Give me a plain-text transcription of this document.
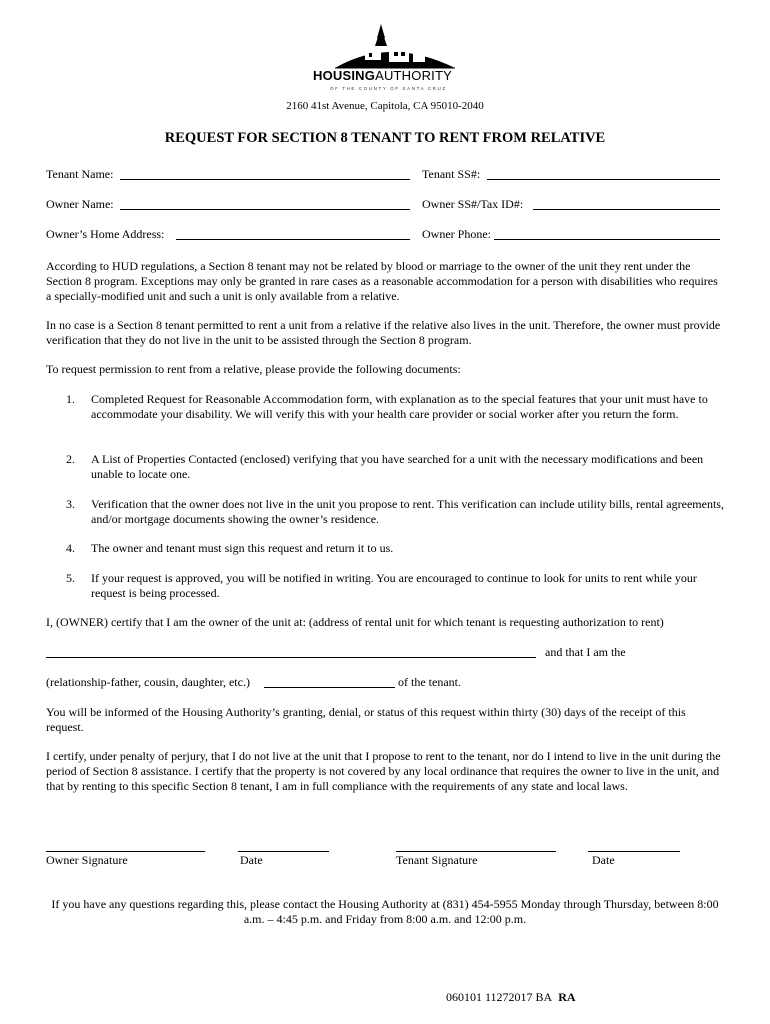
HOUSINGAUTHORITY
OF THE COUNTY OF SANTA CRUZ
2160 41st Avenue, Capitola, CA 95010-2040
REQUEST FOR SECTION 8 TENANT TO RENT FROM RELATIVE
Tenant Name:	Tenant SS#:
Owner Name:	Owner SS#/Tax ID#:
Owner’s Home Address:	Owner Phone:
According to HUD regulations, a Section 8 tenant may not be related by blood or marriage to the owner of the unit they rent under the Section 8 program. Exceptions may only be granted in rare cases as a reasonable accommodation for a person with disabilities who requires a specially-modified unit and such a unit is only available from a relative.
In no case is a Section 8 tenant permitted to rent a unit from a relative if the relative also lives in the unit. Therefore, the owner must provide verification that they do not live in the unit to be assisted through the Section 8 program.
To request permission to rent from a relative, please provide the following documents:
1. Completed Request for Reasonable Accommodation form, with explanation as to the special features that your unit must have to accommodate your disability. We will verify this with your health care provider or social worker after you return the form.
2. A List of Properties Contacted (enclosed) verifying that you have searched for a unit with the necessary modifications and been unable to locate one.
3. Verification that the owner does not live in the unit you propose to rent. This verification can include utility bills, rental agreements, and/or mortgage documents showing the owner’s residence.
4. The owner and tenant must sign this request and return it to us.
5. If your request is approved, you will be notified in writing. You are encouraged to continue to look for units to rent while your request is being processed.
I, (OWNER) certify that I am the owner of the unit at: (address of rental unit for which tenant is requesting authorization to rent)
and that I am the
(relationship-father, cousin, daughter, etc.)	of the tenant.
You will be informed of the Housing Authority’s granting, denial, or status of this request within thirty (30) days of the receipt of this request.
I certify, under penalty of perjury, that I do not live at the unit that I propose to rent to the tenant, nor do I intend to live in the unit during the period of Section 8 assistance. I certify that the property is not covered by any local ordinance that requires the owner to live in the unit, and that by renting to this specific Section 8 tenant, I am in full compliance with the requirements of any state and local laws.
Owner Signature	Date	Tenant Signature	Date
If you have any questions regarding this, please contact the Housing Authority at (831) 454-5955 Monday through Thursday, between 8:00 a.m. – 4:45 p.m. and Friday from 8:00 a.m. and 12:00 p.m.
060101 11272017 BA RA
